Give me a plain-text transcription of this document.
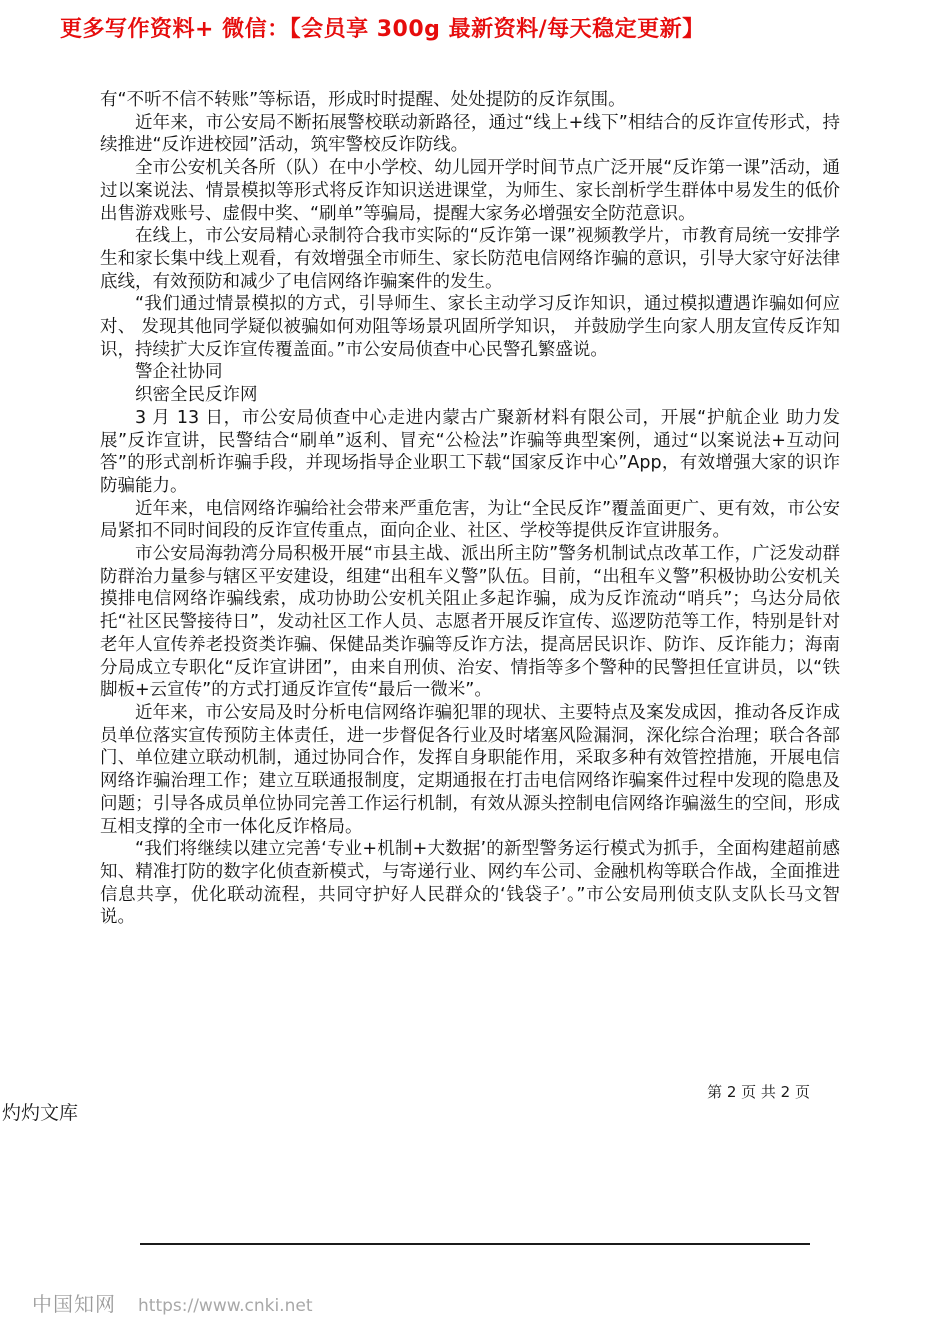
更多写作资料+ 微信：【会员享 300g 最新资料/每天稳定更新】

有“不听不信不转账”等标语，形成时时提醒、处处提防的反诈氛围。

近年来，市公安局不断拓展警校联动新路径，通过“线上+线下”相结合的反诈宣传形式，持续推进“反诈进校园”活动，筑牢警校反诈防线。

全市公安机关各所（队）在中小学校、幼儿园开学时间节点广泛开展“反诈第一课”活动，通过以案说法、情景模拟等形式将反诈知识送进课堂，为师生、家长剖析学生群体中易发生的低价出售游戏账号、虚假中奖、“刷单”等骗局，提醒大家务必增强安全防范意识。

在线上，市公安局精心录制符合我市实际的“反诈第一课”视频教学片，市教育局统一安排学生和家长集中线上观看，有效增强全市师生、家长防范电信网络诈骗的意识，引导大家守好法律底线，有效预防和减少了电信网络诈骗案件的发生。

“我们通过情景模拟的方式，引导师生、家长主动学习反诈知识，通过模拟遭遇诈骗如何应对、 发现其他同学疑似被骗如何劝阻等场景巩固所学知识， 并鼓励学生向家人朋友宣传反诈知识，持续扩大反诈宣传覆盖面。”市公安局侦查中心民警孔繁盛说。

警企社协同

织密全民反诈网

3 月 13 日，市公安局侦查中心走进内蒙古广聚新材料有限公司，开展“护航企业 助力发展”反诈宣讲，民警结合“刷单”返利、冒充“公检法”诈骗等典型案例，通过“以案说法+互动问答”的形式剖析诈骗手段，并现场指导企业职工下载“国家反诈中心”App，有效增强大家的识诈防骗能力。

近年来，电信网络诈骗给社会带来严重危害，为让“全民反诈”覆盖面更广、更有效，市公安局紧扣不同时间段的反诈宣传重点，面向企业、社区、学校等提供反诈宣讲服务。

市公安局海勃湾分局积极开展“市县主战、派出所主防”警务机制试点改革工作，广泛发动群防群治力量参与辖区平安建设，组建“出租车义警”队伍。目前，“出租车义警”积极协助公安机关摸排电信网络诈骗线索，成功协助公安机关阻止多起诈骗，成为反诈流动“哨兵”；乌达分局依托“社区民警接待日”，发动社区工作人员、志愿者开展反诈宣传、巡逻防范等工作，特别是针对老年人宣传养老投资类诈骗、保健品类诈骗等反诈方法，提高居民识诈、防诈、反诈能力；海南分局成立专职化“反诈宣讲团”，由来自刑侦、治安、情指等多个警种的民警担任宣讲员，以“铁脚板+云宣传”的方式打通反诈宣传“最后一微米”。

近年来，市公安局及时分析电信网络诈骗犯罪的现状、主要特点及案发成因，推动各反诈成员单位落实宣传预防主体责任，进一步督促各行业及时堵塞风险漏洞，深化综合治理；联合各部门、单位建立联动机制，通过协同合作，发挥自身职能作用，采取多种有效管控措施，开展电信网络诈骗治理工作；建立互联通报制度，定期通报在打击电信网络诈骗案件过程中发现的隐患及问题；引导各成员单位协同完善工作运行机制，有效从源头控制电信网络诈骗滋生的空间，形成互相支撑的全市一体化反诈格局。

“我们将继续以建立完善‘专业+机制+大数据’的新型警务运行模式为抓手，全面构建超前感知、精准打防的数字化侦查新模式，与寄递行业、网约车公司、金融机构等联合作战，全面推进信息共享，优化联动流程，共同守护好人民群众的‘钱袋子’。”市公安局刑侦支队支队长马文智说。

第 2 页 共 2 页
灼灼文库
中国知网 https://www.cnki.net
